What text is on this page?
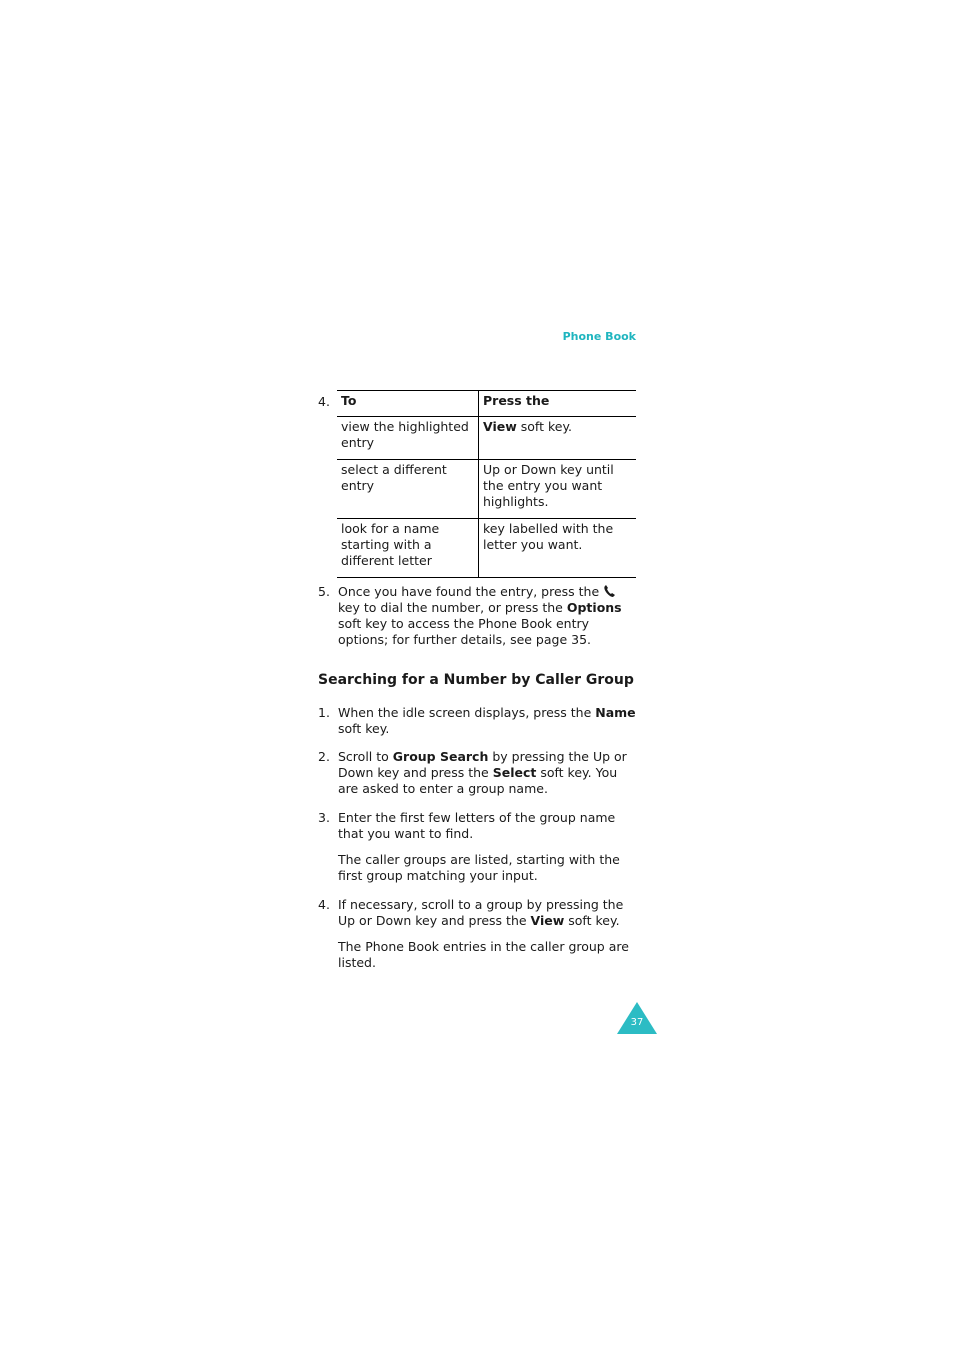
Phone Book
4. To	Press the
view the highlighted entry	View soft key.
select a different entry	Up or Down key until the entry you want highlights.
look for a name starting with a different letter	key labelled with the letter you want.
5. Once you have found the entry, press the  key to dial the number, or press the Options soft key to access the Phone Book entry options; for further details, see page 35.

Searching for a Number by Caller Group
1. When the idle screen displays, press the Name soft key.

2. Scroll to Group Search by pressing the Up or Down key and press the Select soft key. You are asked to enter a group name.

3. Enter the first few letters of the group name that you want to find.

The caller groups are listed, starting with the first group matching your input.

4. If necessary, scroll to a group by pressing the Up or Down key and press the View soft key.

The Phone Book entries in the caller group are listed.

37
